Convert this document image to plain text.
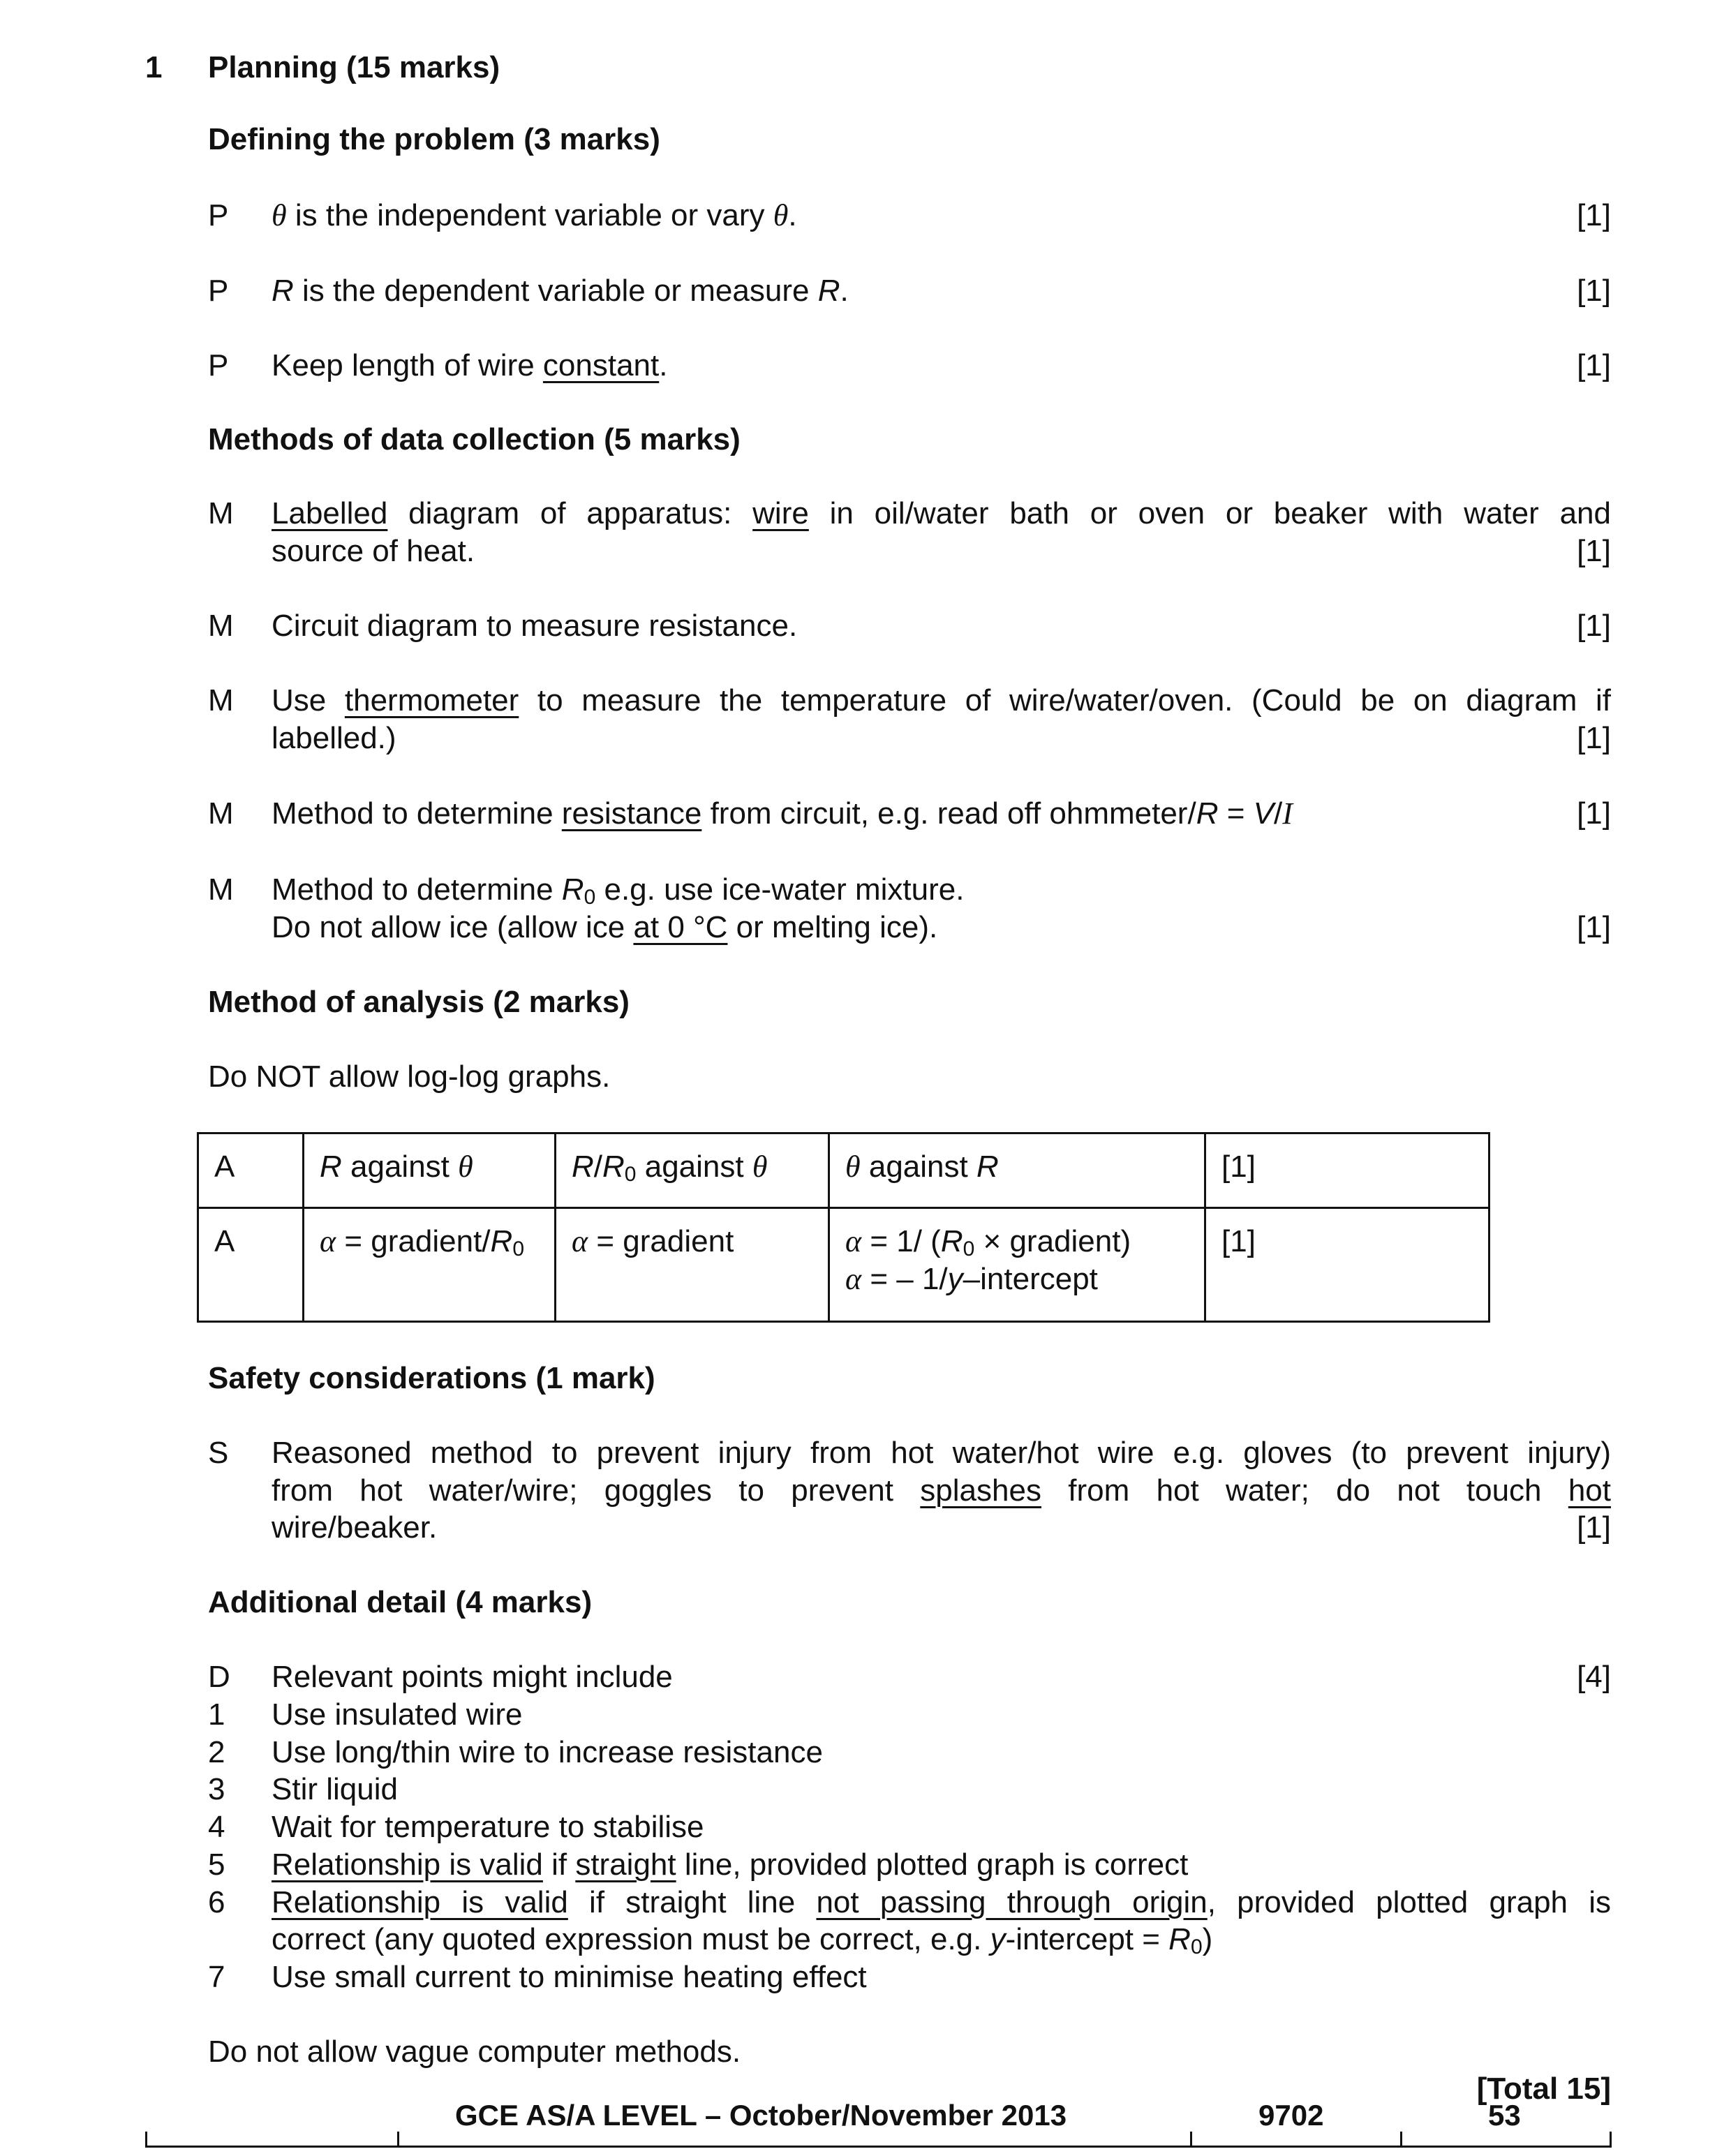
1 Planning (15 marks)
Defining the problem (3 marks)
P	θ is the independent variable or vary θ.	[1]
P	R is the dependent variable or measure R.	[1]
P	Keep length of wire constant.	[1]
Methods of data collection (5 marks)
M	Labelled diagram of apparatus: wire in oil/water bath or oven or beaker with water and
source of heat.	[1]
M	Circuit diagram to measure resistance.	[1]
M	Use thermometer to measure the temperature of wire/water/oven. (Could be on diagram if
labelled.)	[1]
M	Method to determine resistance from circuit, e.g. read off ohmmeter/R = V/I	[1]
M	Method to determine $R_0$ e.g. use ice-water mixture.
Do not allow ice (allow ice at 0 °C or melting ice).	[1]
Method of analysis (2 marks)
Do NOT allow log-log graphs.
A	R against θ	$R/R_0$ against θ	θ against R	[1]
A	α = gradient/$R_0$	α = gradient	α = 1/ ($R_0$ × gradient)
α = – 1/y–intercept	[1]
Safety considerations (1 mark)
S	Reasoned method to prevent injury from hot water/hot wire e.g. gloves (to prevent injury)
from hot water/wire; goggles to prevent splashes from hot water; do not touch hot
wire/beaker.	[1]
Additional detail (4 marks)
D	Relevant points might include	[4]
1	Use insulated wire
2	Use long/thin wire to increase resistance
3	Stir liquid
4	Wait for temperature to stabilise
5	Relationship is valid if straight line, provided plotted graph is correct
6	Relationship is valid if straight line not passing through origin, provided plotted graph is
correct (any quoted expression must be correct, e.g. y-intercept = $R_0$)
7	Use small current to minimise heating effect
Do not allow vague computer methods.
[Total 15]
GCE AS/A LEVEL – October/November 2013	9702	53
